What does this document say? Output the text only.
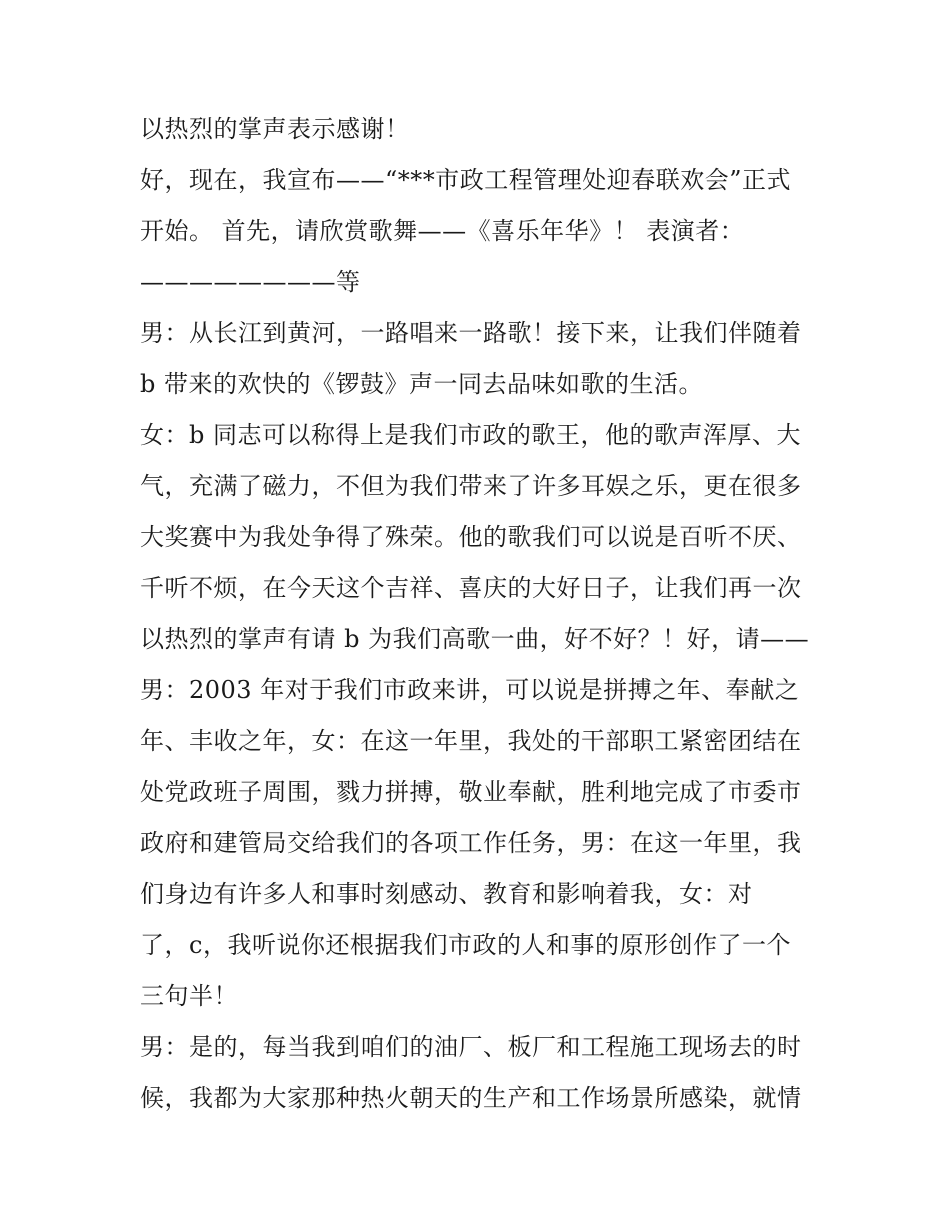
以热烈的掌声表示感谢！
好，现在，我宣布——“***市政工程管理处迎春联欢会”正式
开始。 首先，请欣赏歌舞——《喜乐年华》！ 表演者：
————————等
男：从长江到黄河，一路唱来一路歌！接下来，让我们伴随着
b 带来的欢快的《锣鼓》声一同去品味如歌的生活。
女：b 同志可以称得上是我们市政的歌王，他的歌声浑厚、大
气，充满了磁力，不但为我们带来了许多耳娱之乐，更在很多
大奖赛中为我处争得了殊荣。他的歌我们可以说是百听不厌、
千听不烦，在今天这个吉祥、喜庆的大好日子，让我们再一次
以热烈的掌声有请 b 为我们高歌一曲，好不好？！好，请——
男：2003 年对于我们市政来讲，可以说是拼搏之年、奉献之
年、丰收之年，女：在这一年里，我处的干部职工紧密团结在
处党政班子周围，戮力拼搏，敬业奉献，胜利地完成了市委市
政府和建管局交给我们的各项工作任务，男：在这一年里，我
们身边有许多人和事时刻感动、教育和影响着我，女：对
了，c，我听说你还根据我们市政的人和事的原形创作了一个
三句半！
男：是的，每当我到咱们的油厂、板厂和工程施工现场去的时
候，我都为大家那种热火朝天的生产和工作场景所感染，就情
